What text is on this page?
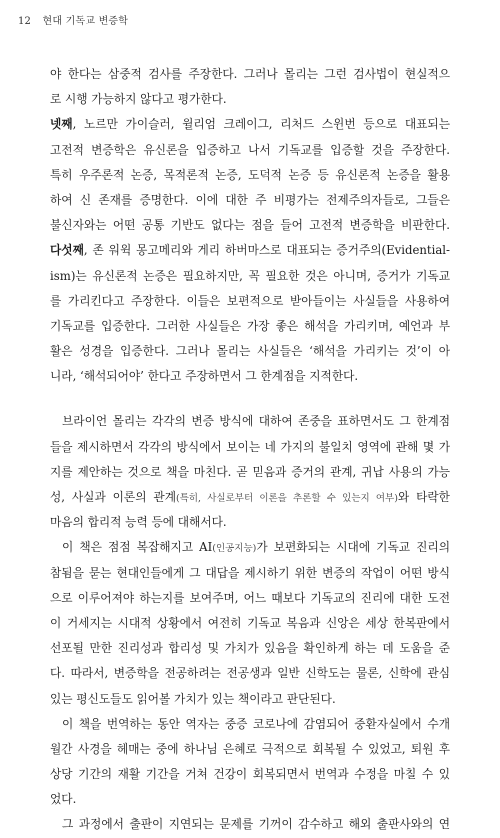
12 현대 기독교 변증학
야 한다는 삼중적 검사를 주장한다. 그러나 몰리는 그런 검사법이 현실적으
로 시행 가능하지 않다고 평가한다.
넷째, 노르만 가이슬러, 윌리엄 크레이그, 리처드 스윈번 등으로 대표되는
고전적 변증학은 유신론을 입증하고 나서 기독교를 입증할 것을 주장한다.
특히 우주론적 논증, 목적론적 논증, 도덕적 논증 등 유신론적 논증을 활용
하여 신 존재를 증명한다. 이에 대한 주 비평가는 전제주의자들로, 그들은
불신자와는 어떤 공통 기반도 없다는 점을 들어 고전적 변증학을 비판한다.
다섯째, 존 워윅 몽고메리와 게리 하버마스로 대표되는 증거주의(Evidential-
ism)는 유신론적 논증은 필요하지만, 꼭 필요한 것은 아니며, 증거가 기독교
를 가리킨다고 주장한다. 이들은 보편적으로 받아들이는 사실들을 사용하여
기독교를 입증한다. 그러한 사실들은 가장 좋은 해석을 가리키며, 예언과 부
활은 성경을 입증한다. 그러나 몰리는 사실들은 ‘해석을 가리키는 것’이 아
니라, ‘해석되어야’ 한다고 주장하면서 그 한계점을 지적한다.
브라이언 몰리는 각각의 변증 방식에 대하여 존중을 표하면서도 그 한계점
들을 제시하면서 각각의 방식에서 보이는 네 가지의 불일치 영역에 관해 몇 가
지를 제안하는 것으로 책을 마친다. 곧 믿음과 증거의 관계, 귀납 사용의 가능
성, 사실과 이론의 관계(특히, 사실로부터 이론을 추론할 수 있는지 여부)와 타락한
마음의 합리적 능력 등에 대해서다.
이 책은 점점 복잡해지고 AI(인공지능)가 보편화되는 시대에 기독교 진리의
참됨을 묻는 현대인들에게 그 대답을 제시하기 위한 변증의 작업이 어떤 방식
으로 이루어져야 하는지를 보여주며, 어느 때보다 기독교의 진리에 대한 도전
이 거세지는 시대적 상황에서 여전히 기독교 복음과 신앙은 세상 한복판에서
선포될 만한 진리성과 합리성 및 가치가 있음을 확인하게 하는 데 도움을 준
다. 따라서, 변증학을 전공하려는 전공생과 일반 신학도는 물론, 신학에 관심
있는 평신도들도 읽어볼 가치가 있는 책이라고 판단된다.
이 책을 번역하는 동안 역자는 중증 코로나에 감염되어 중환자실에서 수개
월간 사경을 헤매는 중에 하나님 은혜로 극적으로 회복될 수 있었고, 퇴원 후
상당 기간의 재활 기간을 거쳐 건강이 회복되면서 번역과 수정을 마칠 수 있
었다.
그 과정에서 출판이 지연되는 문제를 기꺼이 감수하고 해외 출판사와의 연
